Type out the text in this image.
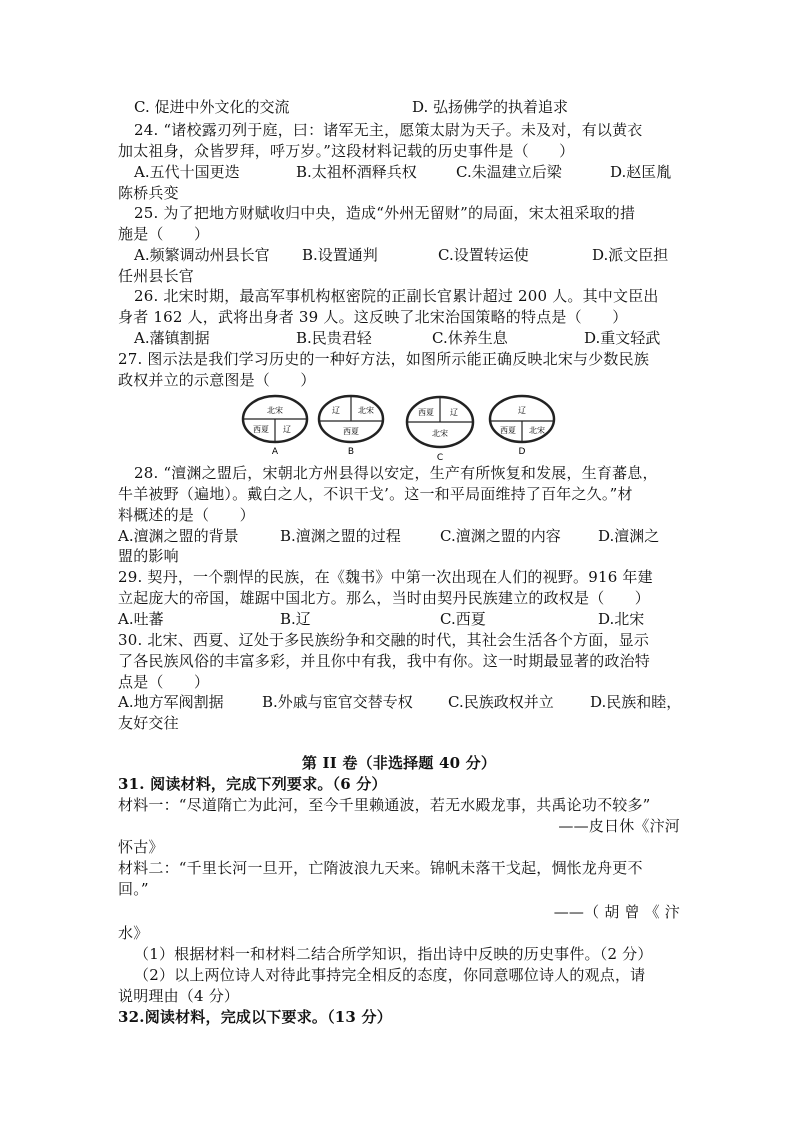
C. 促进中外文化的交流	D. 弘扬佛学的执着追求
24. “诸校露刃列于庭，曰：诸军无主，愿策太尉为天子。未及对，有以黄衣
加太祖身，众皆罗拜，呼万岁。”这段材料记载的历史事件是（　　）
A.五代十国更迭	B.太祖杯酒释兵权	C.朱温建立后梁	D.赵匡胤
陈桥兵变
25. 为了把地方财赋收归中央，造成“外州无留财”的局面，宋太祖采取的措
施是（　　）
A.频繁调动州县长官 B.设置通判	C.设置转运使	D.派文臣担
任州县长官
26. 北宋时期，最高军事机构枢密院的正副长官累计超过 200 人。其中文臣出
身者 162 人，武将出身者 39 人。这反映了北宋治国策略的特点是（　　）
A.藩镇割据	B.民贵君轻	C.休养生息	D.重文轻武
27. 图示法是我们学习历史的一种好方法，如图所示能正确反映北宋与少数民族
政权并立的示意图是（　　）
北宋
西夏 辽
A
辽 北宋
西夏
B
西夏 辽
北宋
C
辽
西夏 北宋
D
28. “澶渊之盟后，宋朝北方州县得以安定，生产有所恢复和发展，生育蕃息，
牛羊被野（遍地）。戴白之人，不识干戈’。这一和平局面维持了百年之久。”材
料概述的是（　　）
A.澶渊之盟的背景	B.澶渊之盟的过程	C.澶渊之盟的内容 D.澶渊之
盟的影响
29. 契丹，一个剽悍的民族，在《魏书》中第一次出现在人们的视野。916 年建
立起庞大的帝国，雄踞中国北方。那么，当时由契丹民族建立的政权是（　　）
A.吐蕃	B.辽	C.西夏	D.北宋
30. 北宋、西夏、辽处于多民族纷争和交融的时代，其社会生活各个方面，显示
了各民族风俗的丰富多彩，并且你中有我，我中有你。这一时期最显著的政治特
点是（　　）
A.地方军阀割据	B.外戚与宦官交替专权 C.民族政权并立 D.民族和睦，
友好交往
第 II 卷（非选择题 40 分）
31. 阅读材料，完成下列要求。（6 分）
材料一：“尽道隋亡为此河，至今千里赖通波，若无水殿龙事，共禹论功不较多”
——皮日休《汴河
怀古》
材料二：“千里长河一旦开，亡隋波浪九天来。锦帆未落干戈起，惆怅龙舟更不
回。”
——（ 胡 曾 《 汴
水》
（1）根据材料一和材料二结合所学知识，指出诗中反映的历史事件。（2 分）
（2）以上两位诗人对待此事持完全相反的态度，你同意哪位诗人的观点，请
说明理由（4 分）
32.阅读材料，完成以下要求。（13 分）
